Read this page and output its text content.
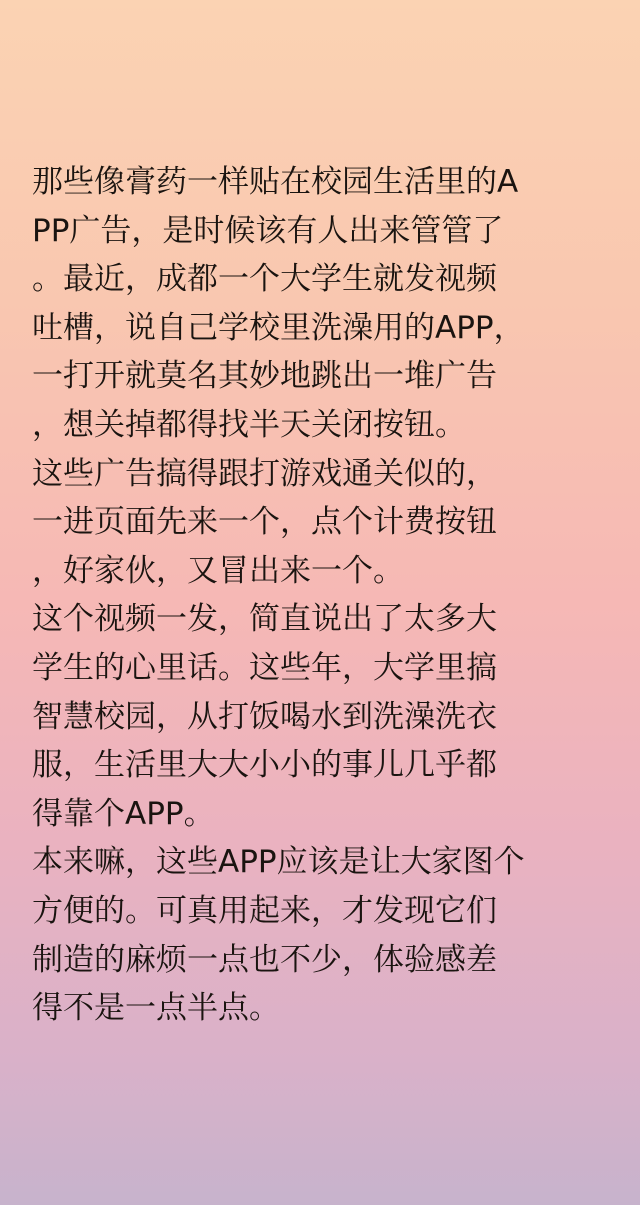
那些像膏药一样贴在校园生活里的A
PP广告，是时候该有人出来管管了
。最近，成都一个大学生就发视频
吐槽，说自己学校里洗澡用的APP，
一打开就莫名其妙地跳出一堆广告
，想关掉都得找半天关闭按钮。
这些广告搞得跟打游戏通关似的，
一进页面先来一个，点个计费按钮
，好家伙，又冒出来一个。
这个视频一发，简直说出了太多大
学生的心里话。这些年，大学里搞
智慧校园，从打饭喝水到洗澡洗衣
服，生活里大大小小的事儿几乎都
得靠个APP。
本来嘛，这些APP应该是让大家图个
方便的。可真用起来，才发现它们
制造的麻烦一点也不少，体验感差
得不是一点半点。
